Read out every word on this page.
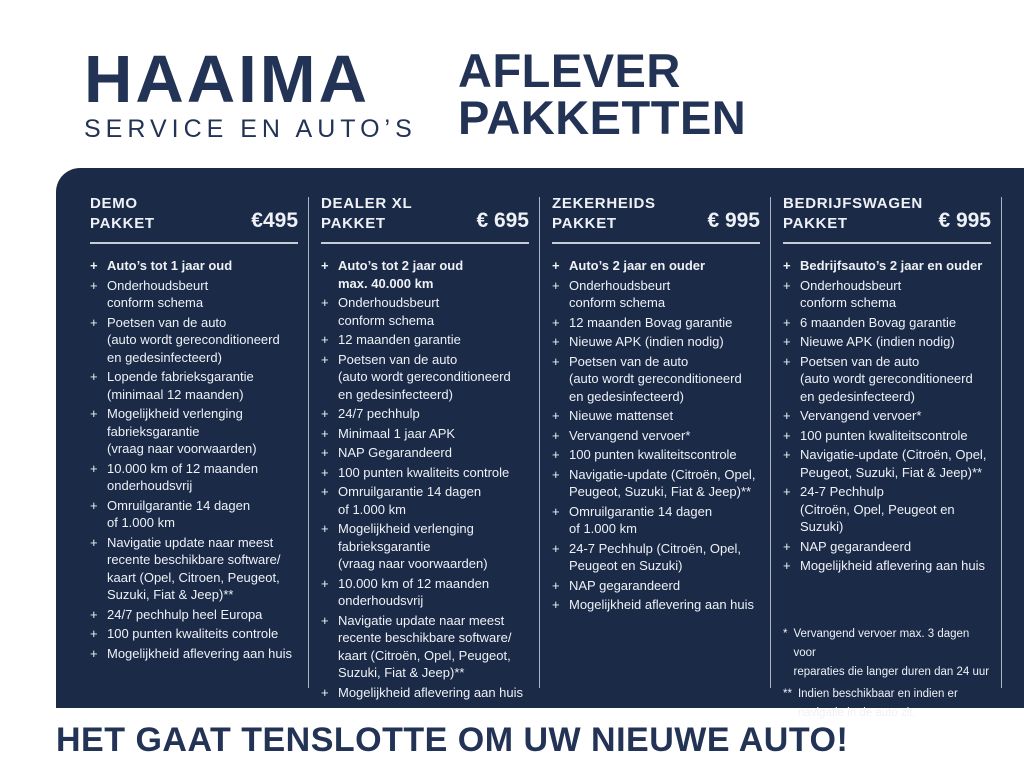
HAAIMA
SERVICE EN AUTO’S
AFLEVER
PAKKETTEN
DEMO
PAKKET	€495
+ Auto’s tot 1 jaar oud
+ Onderhoudsbeurt
conform schema
+ Poetsen van de auto
(auto wordt gereconditioneerd
en gedesinfecteerd)
+ Lopende fabrieksgarantie
(minimaal 12 maanden)
+ Mogelijkheid verlenging
fabrieksgarantie
(vraag naar voorwaarden)
+ 10.000 km of 12 maanden
onderhoudsvrij
+ Omruilgarantie 14 dagen
of 1.000 km
+ Navigatie update naar meest
recente beschikbare software/
kaart (Opel, Citroen, Peugeot,
Suzuki, Fiat & Jeep)**
+ 24/7 pechhulp heel Europa
+ 100 punten kwaliteits controle
+ Mogelijkheid aflevering aan huis
DEALER XL
PAKKET	€ 695
+ Auto’s tot 2 jaar oud
max. 40.000 km
+ Onderhoudsbeurt
conform schema
+ 12 maanden garantie
+ Poetsen van de auto
(auto wordt gereconditioneerd
en gedesinfecteerd)
+ 24/7 pechhulp
+ Minimaal 1 jaar APK
+ NAP Gegarandeerd
+ 100 punten kwaliteits controle
+ Omruilgarantie 14 dagen
of 1.000 km
+ Mogelijkheid verlenging
fabrieksgarantie
(vraag naar voorwaarden)
+ 10.000 km of 12 maanden
onderhoudsvrij
+ Navigatie update naar meest
recente beschikbare software/
kaart (Citroën, Opel, Peugeot,
Suzuki, Fiat & Jeep)**
+ Mogelijkheid aflevering aan huis
ZEKERHEIDS
PAKKET	€ 995
+ Auto’s 2 jaar en ouder
+ Onderhoudsbeurt
conform schema
+ 12 maanden Bovag garantie
+ Nieuwe APK (indien nodig)
+ Poetsen van de auto
(auto wordt gereconditioneerd
en gedesinfecteerd)
+ Nieuwe mattenset
+ Vervangend vervoer*
+ 100 punten kwaliteitscontrole
+ Navigatie-update (Citroën, Opel,
Peugeot, Suzuki, Fiat & Jeep)**
+ Omruilgarantie 14 dagen
of 1.000 km
+ 24-7 Pechhulp (Citroën, Opel,
Peugeot en Suzuki)
+ NAP gegarandeerd
+ Mogelijkheid aflevering aan huis
BEDRIJFSWAGEN
PAKKET	€ 995
+ Bedrijfsauto’s 2 jaar en ouder
+ Onderhoudsbeurt
conform schema
+ 6 maanden Bovag garantie
+ Nieuwe APK (indien nodig)
+ Poetsen van de auto
(auto wordt gereconditioneerd
en gedesinfecteerd)
+ Vervangend vervoer*
+ 100 punten kwaliteitscontrole
+ Navigatie-update (Citroën, Opel,
Peugeot, Suzuki, Fiat & Jeep)**
+ 24-7 Pechhulp
(Citroën, Opel, Peugeot en Suzuki)
+ NAP gegarandeerd
+ Mogelijkheid aflevering aan huis
* Vervangend vervoer max. 3 dagen voor
reparaties die langer duren dan 24 uur
** Indien beschikbaar en indien er
navigatie in de auto zit.
HET GAAT TENSLOTTE OM UW NIEUWE AUTO!
